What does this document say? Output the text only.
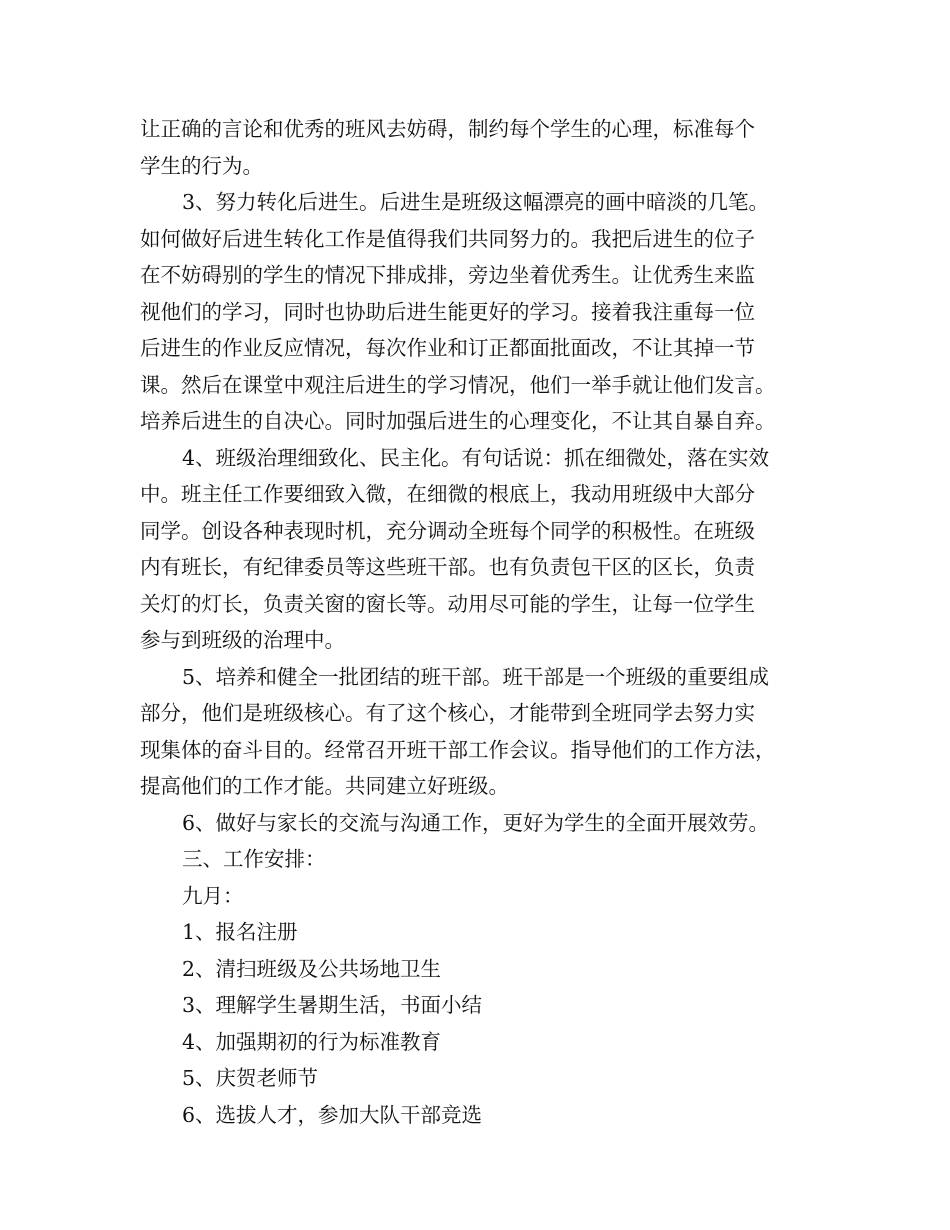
让正确的言论和优秀的班风去妨碍，制约每个学生的心理，标准每个
学生的行为。
3、努力转化后进生。后进生是班级这幅漂亮的画中暗淡的几笔。
如何做好后进生转化工作是值得我们共同努力的。我把后进生的位子
在不妨碍别的学生的情况下排成排，旁边坐着优秀生。让优秀生来监
视他们的学习，同时也协助后进生能更好的学习。接着我注重每一位
后进生的作业反应情况，每次作业和订正都面批面改，不让其掉一节
课。然后在课堂中观注后进生的学习情况，他们一举手就让他们发言。
培养后进生的自决心。同时加强后进生的心理变化，不让其自暴自弃。
4、班级治理细致化、民主化。有句话说：抓在细微处，落在实效
中。班主任工作要细致入微，在细微的根底上，我动用班级中大部分
同学。创设各种表现时机，充分调动全班每个同学的积极性。在班级
内有班长，有纪律委员等这些班干部。也有负责包干区的区长，负责
关灯的灯长，负责关窗的窗长等。动用尽可能的学生，让每一位学生
参与到班级的治理中。
5、培养和健全一批团结的班干部。班干部是一个班级的重要组成
部分，他们是班级核心。有了这个核心，才能带到全班同学去努力实
现集体的奋斗目的。经常召开班干部工作会议。指导他们的工作方法，
提高他们的工作才能。共同建立好班级。
6、做好与家长的交流与沟通工作，更好为学生的全面开展效劳。
三、工作安排：
九月：
1、报名注册
2、清扫班级及公共场地卫生
3、理解学生暑期生活，书面小结
4、加强期初的行为标准教育
5、庆贺老师节
6、选拔人才，参加大队干部竞选
